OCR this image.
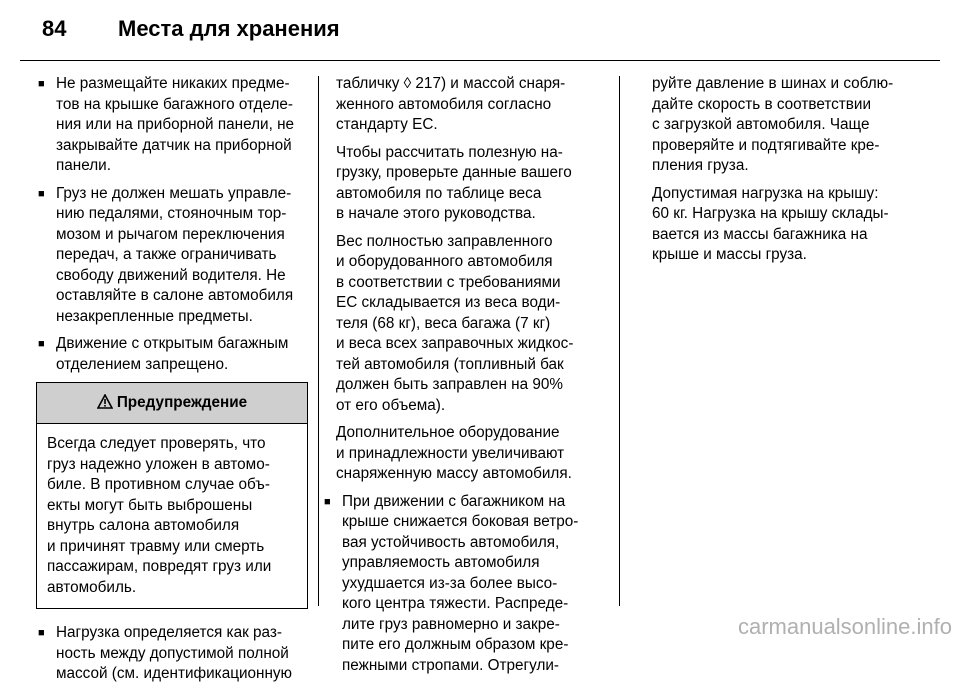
84 Места для хранения
■ Не размещайте никаких предме-
тов на крышке багажного отделе-
ния или на приборной панели, не
закрывайте датчик на приборной
панели.
■ Груз не должен мешать управле-
нию педалями, стояночным тор-
мозом и рычагом переключения
передач, а также ограничивать
свободу движений водителя. Не
оставляйте в салоне автомобиля
незакрепленные предметы.
■ Движение с открытым багажным
отделением запрещено.
Предупреждение
Всегда следует проверять, что
груз надежно уложен в автомо-
биле. В противном случае объ-
екты могут быть выброшены
внутрь салона автомобиля
и причинят травму или смерть
пассажирам, повредят груз или
автомобиль.
■ Нагрузка определяется как раз-
ность между допустимой полной
массой (см. идентификационную

табличку ◊ 217) и массой снаря-
женного автомобиля согласно
стандарту ЕС.

Чтобы рассчитать полезную на-
грузку, проверьте данные вашего
автомобиля по таблице веса
в начале этого руководства.

Вес полностью заправленного
и оборудованного автомобиля
в соответствии с требованиями
ЕС складывается из веса води-
теля (68 кг), веса багажа (7 кг)
и веса всех заправочных жидкос-
тей автомобиля (топливный бак
должен быть заправлен на 90%
от его объема).

Дополнительное оборудование
и принадлежности увеличивают
снаряженную массу автомобиля.

■ При движении с багажником на
крыше снижается боковая ветро-
вая устойчивость автомобиля,
управляемость автомобиля
ухудшается из-за более высо-
кого центра тяжести. Распреде-
лите груз равномерно и закре-
пите его должным образом кре-
пежными стропами. Отрегули-

руйте давление в шинах и соблю-
дайте скорость в соответствии
с загрузкой автомобиля. Чаще
проверяйте и подтягивайте кре-
пления груза.

Допустимая нагрузка на крышу:
60 кг. Нагрузка на крышу склады-
вается из массы багажника на
крыше и массы груза.

carmanualsonline.info
